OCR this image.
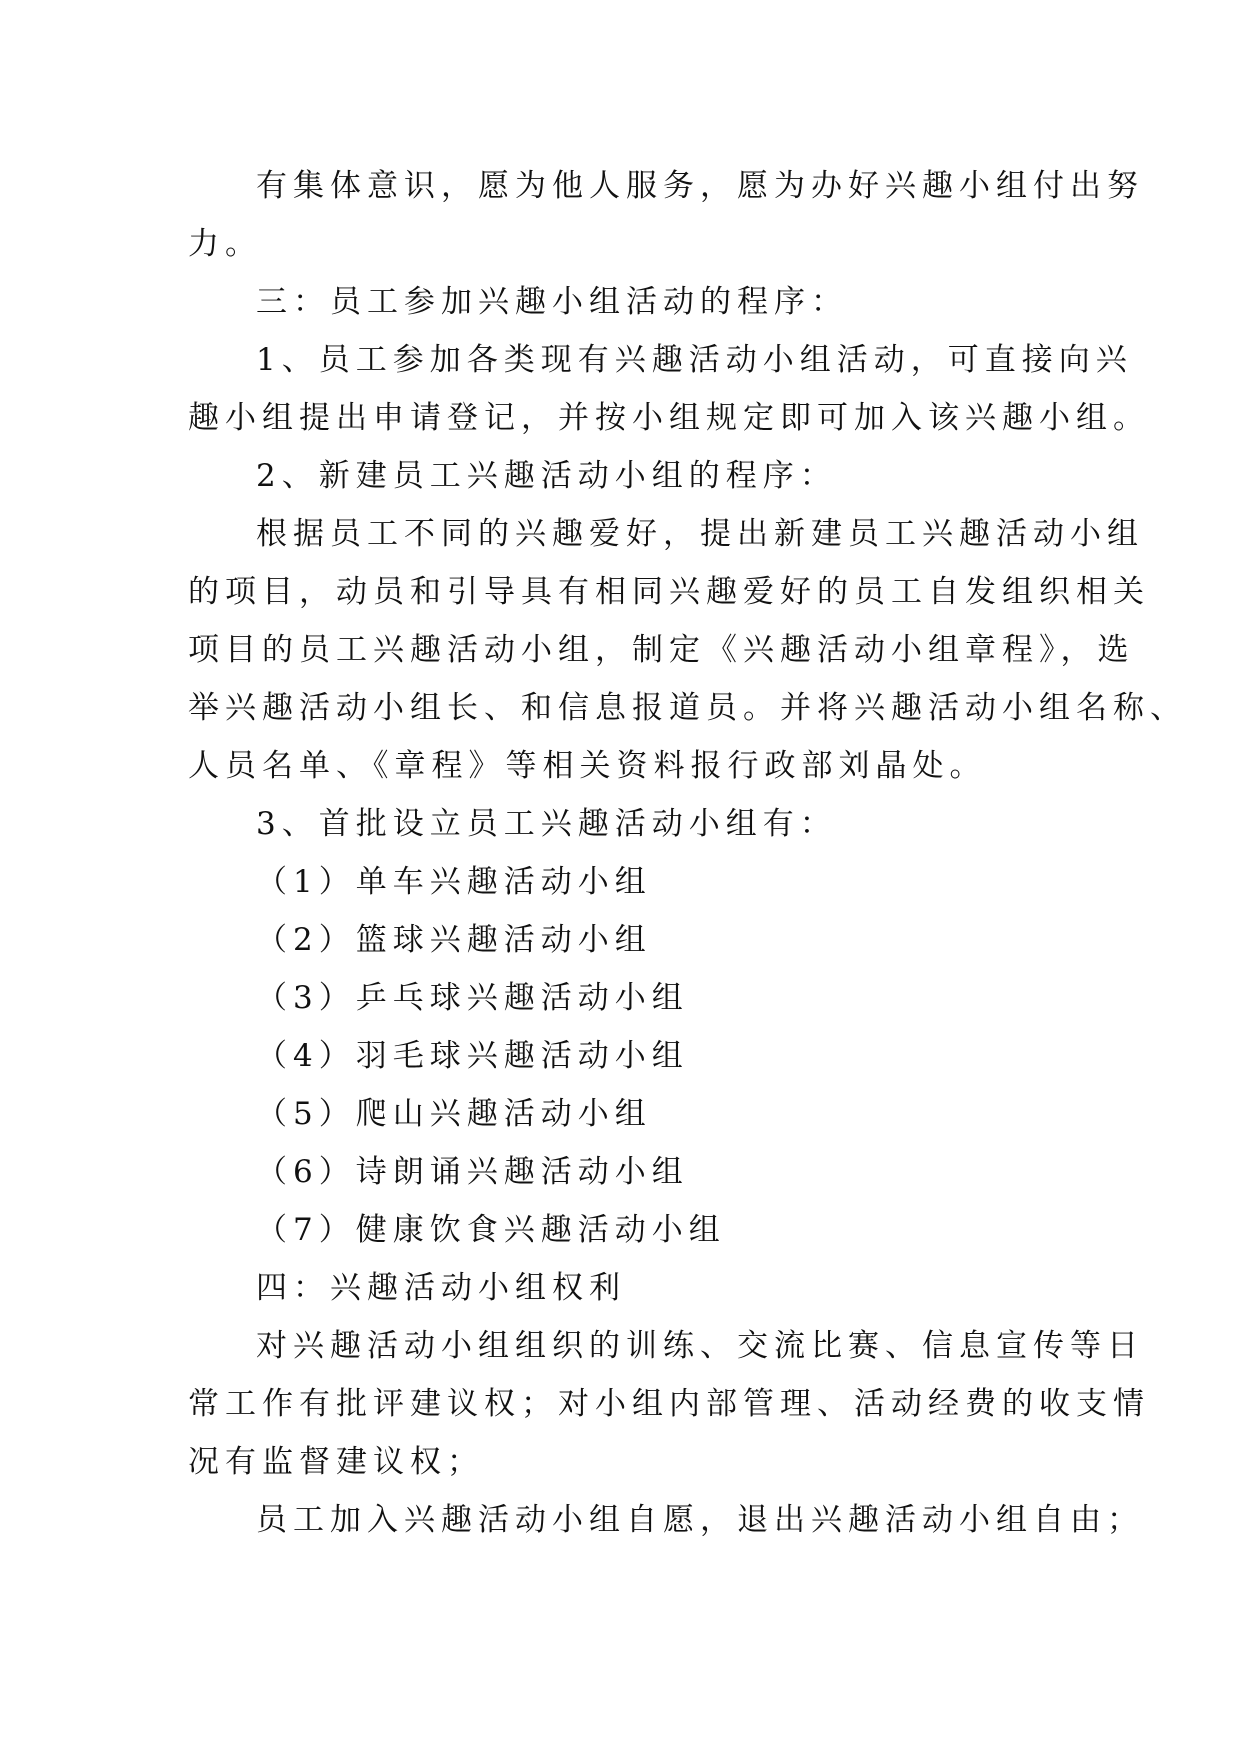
有集体意识，愿为他人服务，愿为办好兴趣小组付出努

力。

三：员工参加兴趣小组活动的程序：

1、员工参加各类现有兴趣活动小组活动，可直接向兴

趣小组提出申请登记，并按小组规定即可加入该兴趣小组。

2、新建员工兴趣活动小组的程序：

根据员工不同的兴趣爱好，提出新建员工兴趣活动小组

的项目，动员和引导具有相同兴趣爱好的员工自发组织相关

项目的员工兴趣活动小组，制定《兴趣活动小组章程》，选

举兴趣活动小组长、和信息报道员。并将兴趣活动小组名称、

人员名单、《章程》等相关资料报行政部刘晶处。

3、首批设立员工兴趣活动小组有：

（1）单车兴趣活动小组

（2）篮球兴趣活动小组

（3）乒乓球兴趣活动小组

（4）羽毛球兴趣活动小组

（5）爬山兴趣活动小组

（6）诗朗诵兴趣活动小组

（7）健康饮食兴趣活动小组

四：兴趣活动小组权利

对兴趣活动小组组织的训练、交流比赛、信息宣传等日

常工作有批评建议权；对小组内部管理、活动经费的收支情

况有监督建议权；

员工加入兴趣活动小组自愿，退出兴趣活动小组自由；
